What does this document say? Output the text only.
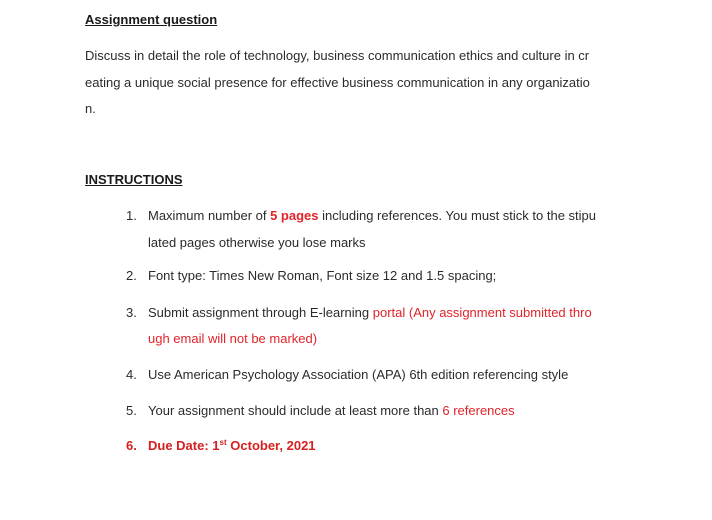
Assignment question
Discuss in detail the role of technology, business communication ethics and culture in cr
eating a unique social presence for effective business communication in any organizatio
n.
INSTRUCTIONS
1. Maximum number of 5 pages including references. You must stick to the stipu
lated pages otherwise you lose marks
2. Font type: Times New Roman, Font size 12 and 1.5 spacing;
3. Submit assignment through E-learning portal (Any assignment submitted thro
ugh email will not be marked)
4. Use American Psychology Association (APA) 6th edition referencing style
5. Your assignment should include at least more than 6 references
6. Due Date: 1st October, 2021
